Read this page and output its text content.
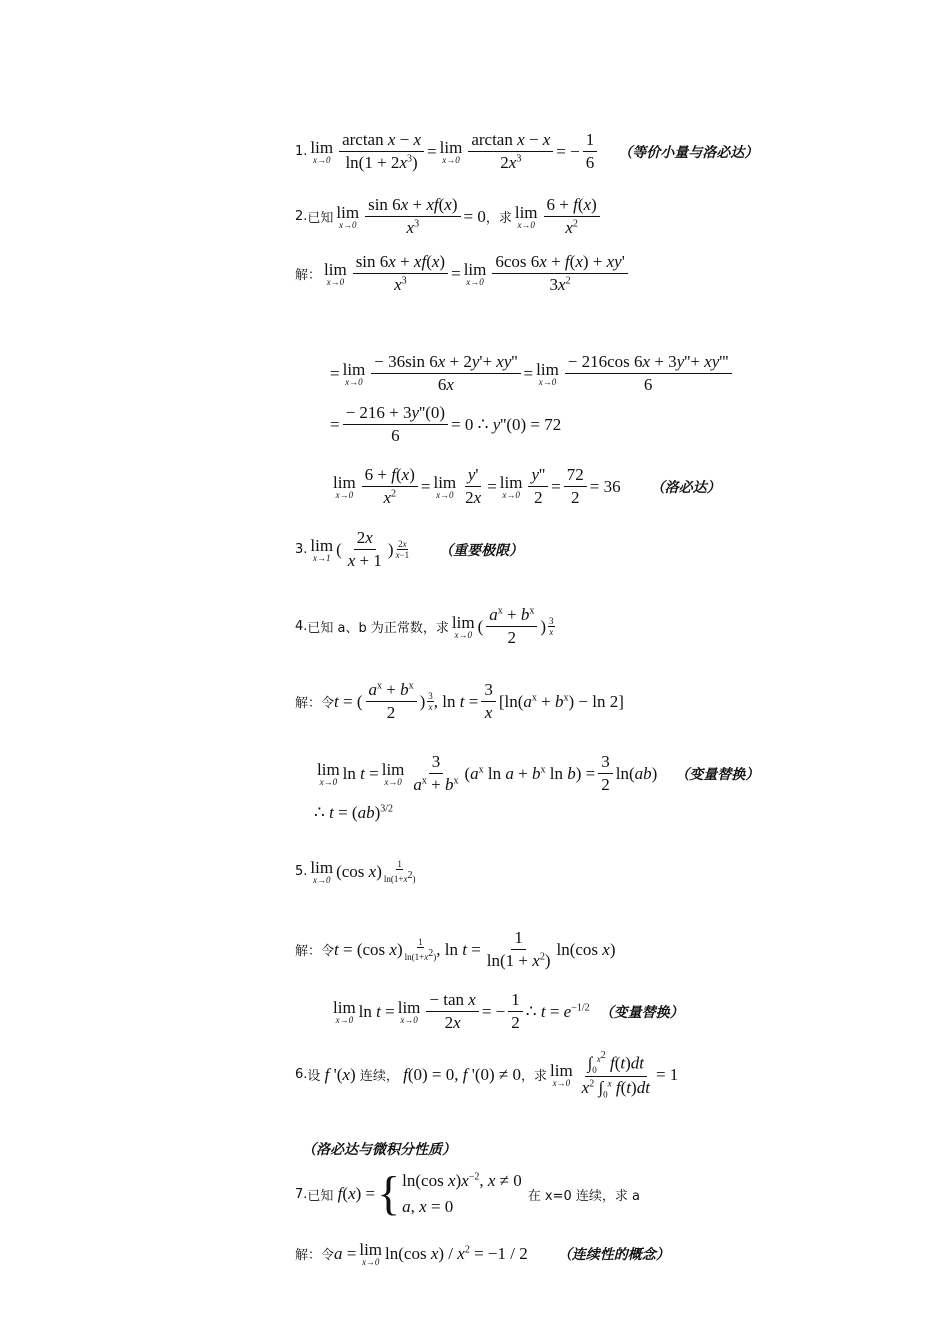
1. lim
$x\to 0 \frac{\text{arctan x − x}}{\ln(1 + 2x^3)} = \lim$
$x\to 0 \frac{\text{arctan x − x}}{2x^3}$ = − $\frac{1}{6}$ （等价小量与洛必达）
2. 已知 lim
$x\to 0 \frac{\sin 6x + xf(x)}{x^3} = 0$ ，求 lim
$x\to 0 \frac{6 + f(x)}{x^2}$
解： lim
$x\to 0 \frac{\sin 6x + xf(x)}{x^3} = \lim$
$x\to 0 \frac{6\cos 6x + f(x) + xy'}{3x^2}$
= lim
$x\to 0 \frac{- 36\sin 6x + 2y'+ xy''}{6x} = \lim$
$x\to 0 \frac{- 216\cos 6x + 3y''+ xy'''}{6}$
= $\frac{- 216 + 3y''(0)}{6} = 0$ ∴ y''(0) = 72
lim
$x\to 0 \frac{6 + f(x)}{x^2} = \lim$
$x\to 0 \frac{y'}{2x} = \lim$
$x\to 0 \frac{y''}{2} = \frac{72}{2} = 36$ （洛必达）
3. lim
x→1 ( $\frac{2x}{x + 1}$ ) 2x
x−1 （重要极限）
4. 已知 a、b 为正常数，求 lim
x→0 ( $\frac{a^x + b^x}{2}$ ) 3
x
解：令 t = ( $\frac{a^x + b^x}{2}$ ) 3
x , $\ln t = \frac{3}{x} [\ln(a^x + b^x) - \ln 2]$
lim
x→0 ln t = lim
$x\to 0 \frac{3}{a^x + b^x} (a^x$ $\ln a + b^x$ $\ln b) = \frac{3}{2} \ln(ab)$ （变量替换）
∴ t = (ab)$^{3/2}$
5. lim
x→0 (cos x) 1
$\ln(1+x^2)$
解：令 t = (cos x) 1
$\ln(1+x^2)$ , $\ln t = \frac{1}{\ln(1 + x^2)} \ln(\cos$ x)
lim
x→0 ln t = lim
$x\to 0 \frac{\text{− tan x}}{2x}$ = − $\frac{1}{2}$ ∴ $t = e^{-1/2}$ （变量替换）
6. 设 f '(x) 连续， f(0) = 0, f '(0) ≠ 0 ，求 lim
$x\to 0 \frac{\int_0^{x^2} f(t)dt}{x^2 \int_0^x f(t)dt} = 1$
（洛必达与微积分性质）
7. 已知 f(x) = { ln(cos $x)x^{-2}$, x ≠ 0
a, x = 0
在 x=0 连续，求 a
解：令 a = lim
x→0 ln(cos $x) / x^2 = -1 / 2$ （连续性的概念）
